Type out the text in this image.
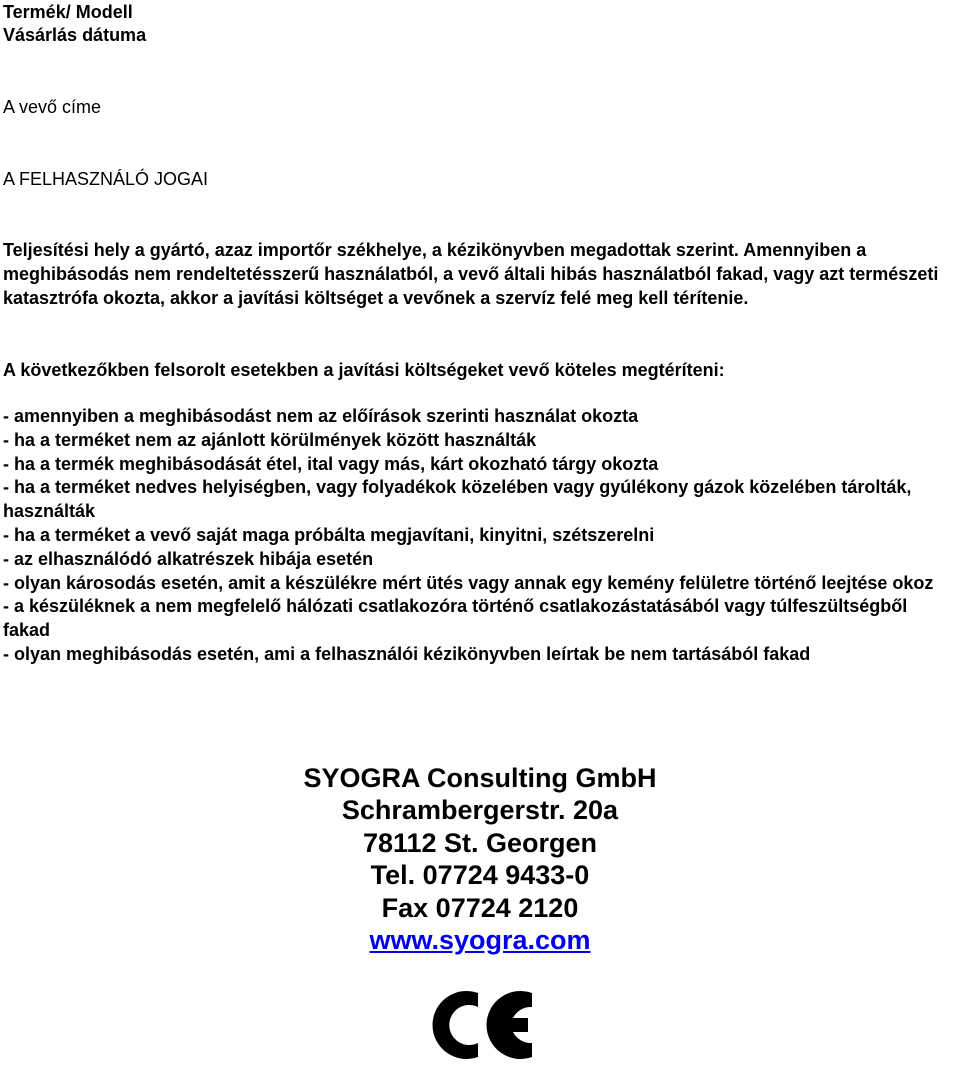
Termék/ Modell
Vásárlás dátuma
A vevő címe
A FELHASZNÁLÓ JOGAI

Teljesítési hely a gyártó, azaz importőr székhelye, a kézikönyvben megadottak szerint. Amennyiben a meghibásodás nem rendeltetésszerű használatból, a vevő általi hibás használatból fakad, vagy azt természeti katasztrófa okozta, akkor a javítási költséget a vevőnek a szervíz felé meg kell térítenie.

A következőkben felsorolt esetekben a javítási költségeket vevő köteles megtéríteni:

- amennyiben a meghibásodást nem az előírások szerinti használat okozta
- ha a terméket nem az ajánlott körülmények között használták
- ha a termék meghibásodását étel, ital vagy más, kárt okozható tárgy okozta
- ha a terméket nedves helyiségben, vagy folyadékok közelében vagy gyúlékony gázok közelében tárolták, használták
- ha a terméket a vevő saját maga próbálta megjavítani, kinyitni, szétszerelni
- az elhasználódó alkatrészek hibája esetén
- olyan károsodás esetén, amit a készülékre mért ütés vagy annak egy kemény felületre történő leejtése okoz
- a készüléknek a nem megfelelő hálózati csatlakozóra történő csatlakozástatásából vagy túlfeszültségből fakad
- olyan meghibásodás esetén, ami a felhasználói kézikönyvben leírtak be nem tartásából fakad
SYOGRA Consulting GmbH
Schrambergerstr. 20a
78112 St. Georgen
Tel. 07724 9433-0
Fax 07724 2120
www.syogra.com
